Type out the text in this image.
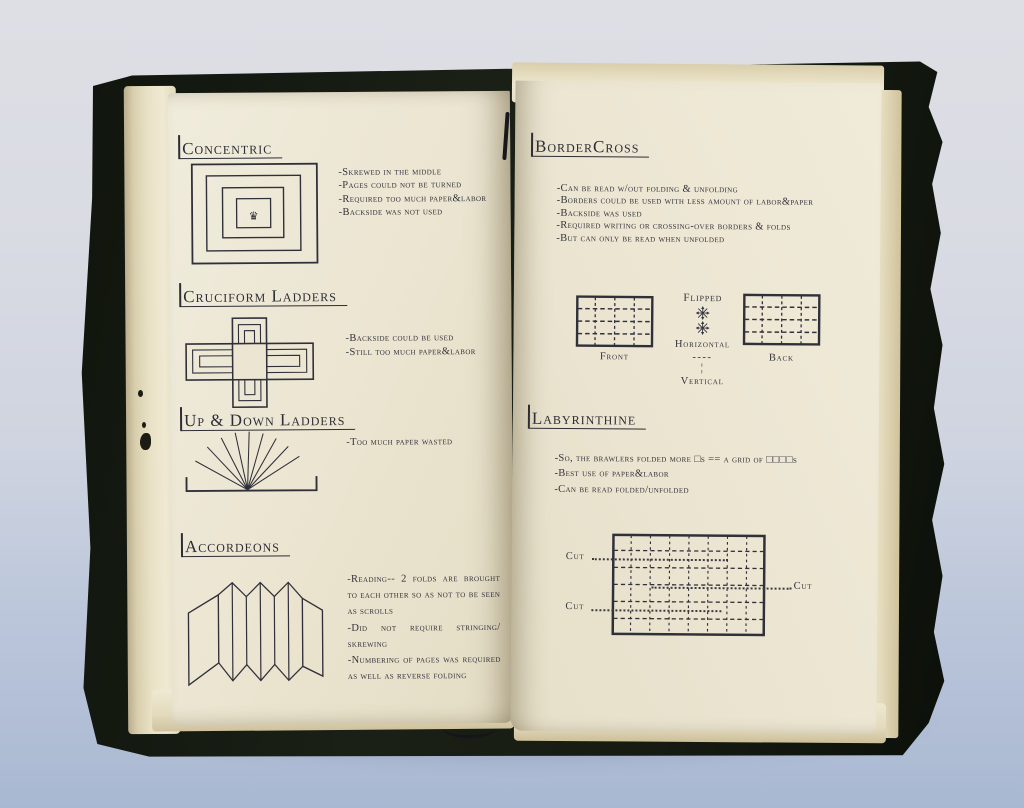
Concentric
♛
-Skrewed in the middle
-Pages could not be turned
-Required too much paper&labor
-Backside was not used
Cruciform Ladders
-Backside could be used
-Still too much paper&labor
Up & Down Ladders
-Too much paper wasted
Accordeons
-Reading-- 2 folds are brought to each other so as not to be seen as scrolls
-Did not require stringing/ skrewing
-Numbering of pages was required as well as reverse folding
BorderCross
-Can be read w/out folding & unfolding
-Borders could be used with less amount of labor&paper
-Backside was used
-Required writing or crossing-over borders & folds
-But can only be read when unfolded
Front
Flipped
Horizontal
----
¦
Vertical
Back
Labyrinthine
-So, the brawlers folded more □s == a grid of □□□□s
-Best use of paper&labor
-Can be read folded/unfolded
Cut
Cut
Cut
